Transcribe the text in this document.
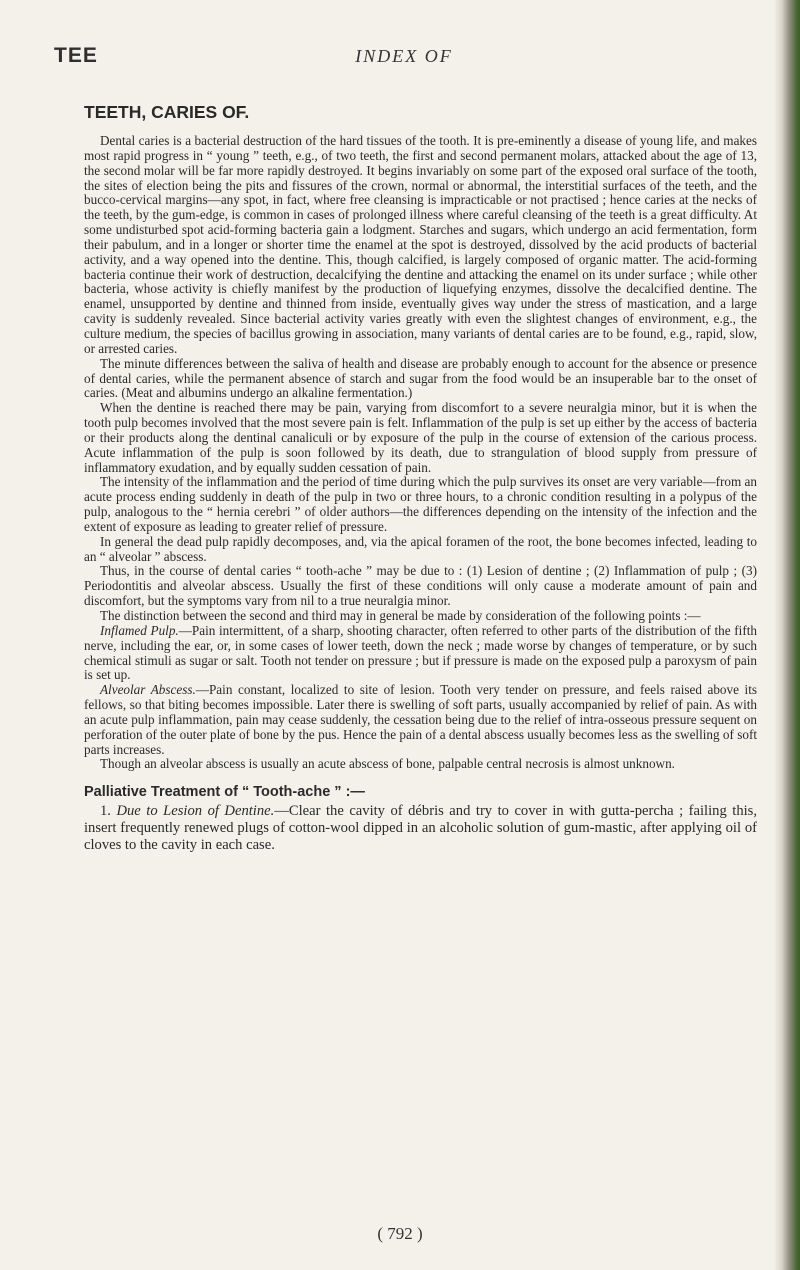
TEE	INDEX OF
TEETH, CARIES OF.

Dental caries is a bacterial destruction of the hard tissues of the tooth. It is pre-eminently a disease of young life, and makes most rapid progress in “ young ” teeth, e.g., of two teeth, the first and second permanent molars, attacked about the age of 13, the second molar will be far more rapidly destroyed. It begins invariably on some part of the exposed oral surface of the tooth, the sites of election being the pits and fissures of the crown, normal or abnormal, the interstitial surfaces of the teeth, and the bucco-cervical margins—any spot, in fact, where free cleansing is impracticable or not practised ; hence caries at the necks of the teeth, by the gum-edge, is common in cases of prolonged illness where careful cleansing of the teeth is a great difficulty. At some undisturbed spot acid-forming bacteria gain a lodgment. Starches and sugars, which undergo an acid fermentation, form their pabulum, and in a longer or shorter time the enamel at the spot is destroyed, dissolved by the acid products of bacterial activity, and a way opened into the dentine. This, though calcified, is largely composed of organic matter. The acid-forming bacteria continue their work of destruction, decalcifying the dentine and attacking the enamel on its under surface ; while other bacteria, whose activity is chiefly manifest by the production of liquefying enzymes, dissolve the decalcified dentine. The enamel, unsupported by dentine and thinned from inside, eventually gives way under the stress of mastication, and a large cavity is suddenly revealed. Since bacterial activity varies greatly with even the slightest changes of environment, e.g., the culture medium, the species of bacillus growing in association, many variants of dental caries are to be found, e.g., rapid, slow, or arrested caries.

The minute differences between the saliva of health and disease are probably enough to account for the absence or presence of dental caries, while the permanent absence of starch and sugar from the food would be an insuperable bar to the onset of caries. (Meat and albumins undergo an alkaline fermentation.)

When the dentine is reached there may be pain, varying from discomfort to a severe neuralgia minor, but it is when the tooth pulp becomes involved that the most severe pain is felt. Inflammation of the pulp is set up either by the access of bacteria or their products along the dentinal canaliculi or by exposure of the pulp in the course of extension of the carious process. Acute inflammation of the pulp is soon followed by its death, due to strangulation of blood supply from pressure of inflammatory exudation, and by equally sudden cessation of pain.

The intensity of the inflammation and the period of time during which the pulp survives its onset are very variable—from an acute process ending suddenly in death of the pulp in two or three hours, to a chronic condition resulting in a polypus of the pulp, analogous to the “ hernia cerebri ” of older authors—the differences depending on the intensity of the infection and the extent of exposure as leading to greater relief of pressure.

In general the dead pulp rapidly decomposes, and, via the apical foramen of the root, the bone becomes infected, leading to an “ alveolar ” abscess.

Thus, in the course of dental caries “ tooth-ache ” may be due to : (1) Lesion of dentine ; (2) Inflammation of pulp ; (3) Periodontitis and alveolar abscess. Usually the first of these conditions will only cause a moderate amount of pain and discomfort, but the symptoms vary from nil to a true neuralgia minor.

The distinction between the second and third may in general be made by consideration of the following points :—

Inflamed Pulp.—Pain intermittent, of a sharp, shooting character, often referred to other parts of the distribution of the fifth nerve, including the ear, or, in some cases of lower teeth, down the neck ; made worse by changes of temperature, or by such chemical stimuli as sugar or salt. Tooth not tender on pressure ; but if pressure is made on the exposed pulp a paroxysm of pain is set up.

Alveolar Abscess.—Pain constant, localized to site of lesion. Tooth very tender on pressure, and feels raised above its fellows, so that biting becomes impossible. Later there is swelling of soft parts, usually accompanied by relief of pain. As with an acute pulp inflammation, pain may cease suddenly, the cessation being due to the relief of intra-osseous pressure sequent on perforation of the outer plate of bone by the pus. Hence the pain of a dental abscess usually becomes less as the swelling of soft parts increases.

Though an alveolar abscess is usually an acute abscess of bone, palpable central necrosis is almost unknown.

Palliative Treatment of “ Tooth-ache ” :—

1. Due to Lesion of Dentine.—Clear the cavity of débris and try to cover in with gutta-percha ; failing this, insert frequently renewed plugs of cotton-wool dipped in an alcoholic solution of gum-mastic, after applying oil of cloves to the cavity in each case.

( 792 )
